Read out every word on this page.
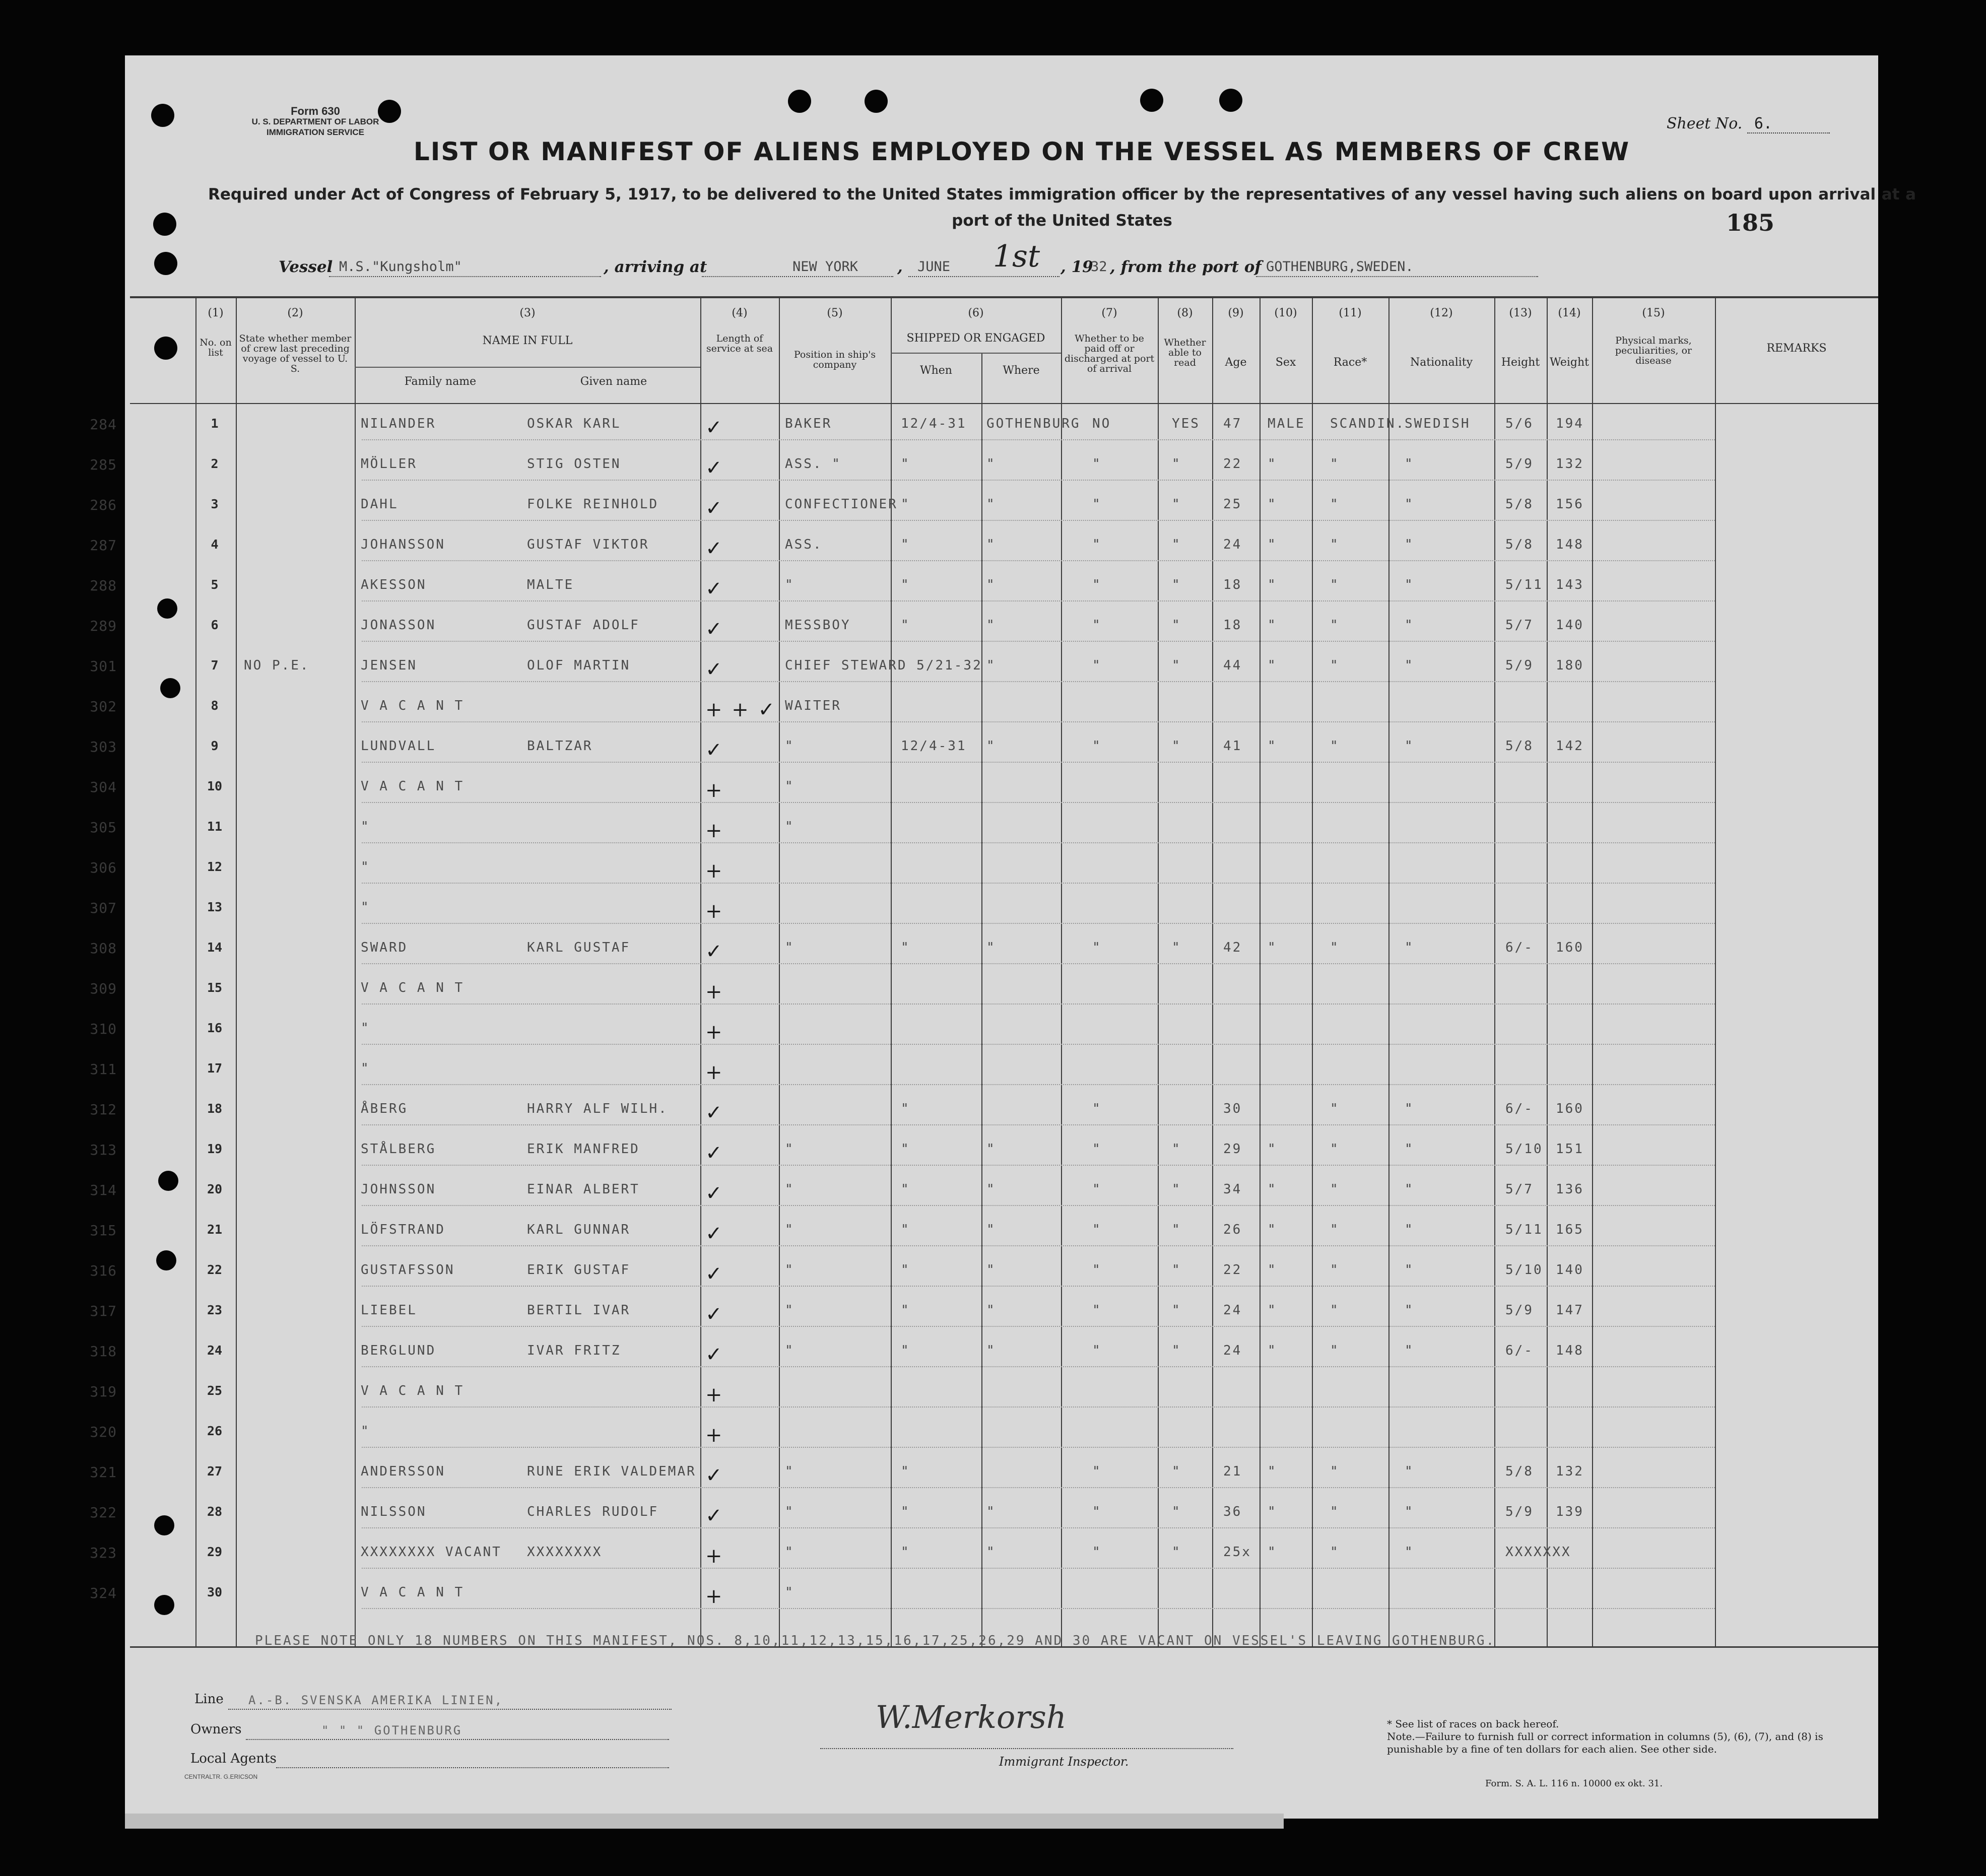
Form 630
U. S. DEPARTMENT OF LABOR
IMMIGRATION SERVICE	Sheet No. 6.
LIST OR MANIFEST OF ALIENS EMPLOYED ON THE VESSEL AS MEMBERS OF CREW
Required under Act of Congress of February 5, 1917, to be delivered to the United States immigration officer by the representatives of any vessel having such aliens on board upon arrival at a port of the United States	185
Vessel M.S."Kungsholm"	, arriving at	NEW YORK	, JUNE 1st , 19
32 , from the port of GOTHENBURG,SWEDEN.
(1)
No. on list
(2)
State whether member of crew last preceding voyage of vessel to U. S.
(3)
NAME IN FULL
Family name	Given name
(4)
Length of service at sea
(5)
Position in ship's company
(6)
SHIPPED OR ENGAGED
When	Where
(7)
Whether to be paid off or discharged at port of arrival
(8)
Whether able to read
(9)
Age
(10)
Sex
(11)
Race*
(12)
Nationality
(13)
Height
(14)
Weight
(15)
Physical marks, peculiarities, or disease
REMARKS
284	1	NILANDER	OSKAR KARL	✓	BAKER	12/4-31 GOTHENBURG NO	YES 47 MALE SCANDIN.
SWEDISH	5/6 194
285	2	MÖLLER	STIG OSTEN	✓	ASS. "	"	"	"	"	22 "	"	"	5/9 132
286	3	DAHL	FOLKE REINHOLD ✓	CONFECTIONER "	"	"	"	25 "	"	"	5/8 156
287	4	JOHANSSON	GUSTAF VIKTOR	✓	ASS.	"	"	"	"	24 "	"	"	5/8 148
288	5	AKESSON	MALTE	✓	"	"	"	"	"	18 "	"	"	5/11 143
289	6	JONASSON	GUSTAF ADOLF	✓	MESSBOY	"	"	"	"	18 "	"	"	5/7 140
301	7	NO P.E.	JENSEN	OLOF MARTIN	✓	CHIEF STEWARD 5/21-32 "	"	"	44 "	"	"	5/9 180
302	8	V A C A N T	+ + ✓ WAITER
303	9	LUNDVALL	BALTZAR	✓	"	12/4-31 "	"	"	41 "	"	"	5/8 142
304	10	V A C A N T	+	"
305	11	"	+	"
306	12	"	+
307	13	"	+
308	14	SWARD	KARL GUSTAF	✓	"	"	"	"	"	42 "	"	"	6/- 160
309	15	V A C A N T	+
310	16	"	+
311	17	"	+
312	18	ÅBERG	HARRY ALF WILH. ✓	"	"	30	"	"	6/- 160
313	19	STÅLBERG	ERIK MANFRED	✓	"	"	"	"	"	29 "	"	"	5/10 151
314	20	JOHNSSON	EINAR ALBERT	✓	"	"	"	"	"	34 "	"	"	5/7 136
315	21	LÖFSTRAND	KARL GUNNAR	✓	"	"	"	"	"	26 "	"	"	5/11 165
316	22	GUSTAFSSON	ERIK GUSTAF	✓	"	"	"	"	"	22 "	"	"	5/10 140
317	23	LIEBEL	BERTIL IVAR	✓	"	"	"	"	"	24 "	"	"	5/9 147
318	24	BERGLUND	IVAR FRITZ	✓	"	"	"	"	"	24 "	"	"	6/- 148
319	25	V A C A N T	+
320	26	"	+
321	27	ANDERSSON	RUNE ERIK VALDEMAR ✓	"	"	"	"	21 "	"	"	5/8 132
322	28	NILSSON	CHARLES RUDOLF ✓	"	"	"	"	"	36 "	"	"	5/9 139
323	29	XXXXXXXX VACANT XXXXXXXX	+	"	"	"	"	"	25x "	"	"	XXXXXXX
324	30	V A C A N T	+	"
PLEASE NOTE ONLY 18 NUMBERS ON THIS MANIFEST, NOS. 8,10,11,12,13,15,16,17,25,26,29 AND 30 ARE VACANT ON VESSEL'S LEAVING GOTHENBURG.
Line A.-B. SVENSKA AMERIKA LINIEN,
Owners	" " " GOTHENBURG
Local Agents
W.Merkorsh
Immigrant Inspector.
* See list of races on back hereof.
Note.—Failure to furnish full or correct information in columns (5), (6), (7), and (8) is punishable by a fine of ten dollars for each alien. See other side.
Form. S. A. L. 116 n. 10000 ex okt. 31.
CENTRALTR. G.ERICSON
